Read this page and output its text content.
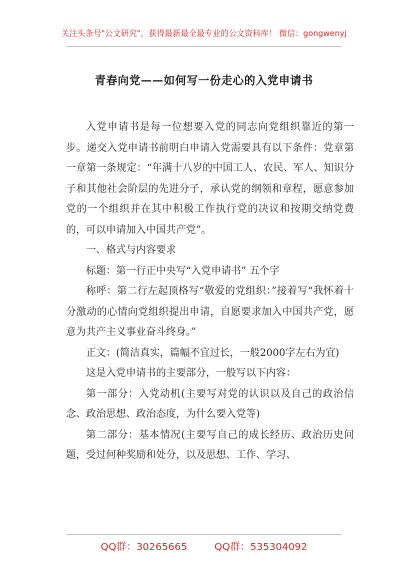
关注头条号"公文研究"，获得最新最全最专业的公文资料库！ 微信：gongwenyj
青春向党——如何写一份走心的入党申请书

入党申请书是每一位想要入党的同志向党组织靠近的第一步。递交入党申请书前明白申请入党需要具有以下条件：党章第一章第一条规定：“年满十八岁的中国工人、农民、军人、知识分子和其他社会阶层的先进分子，承认党的纲领和章程，愿意参加党的一个组织并在其中积极工作执行党的决议和按期交纳党费的，可以申请加入中国共产党”。

一、格式与内容要求

标题：第一行正中央写“入党申请书” 五个字

称呼：第二行左起顶格写“敬爱的党组织：”接着写“我怀着十分激动的心情向党组织提出申请，自愿要求加入中国共产党，愿意为共产主义事业奋斗终身。”

正文：(简洁真实，篇幅不宜过长，一般2000字左右为宜)

这是入党申请书的主要部分，一般写以下内容：

第一部分：入党动机(主要写对党的认识以及自己的政治信念、政治思想、政治态度，为什么要入党等)

第二部分：基本情况(主要写自己的成长经历、政治历史问题，受过何种奖励和处分，以及思想、工作、学习、

QQ群：30265665	QQ群：535304092
